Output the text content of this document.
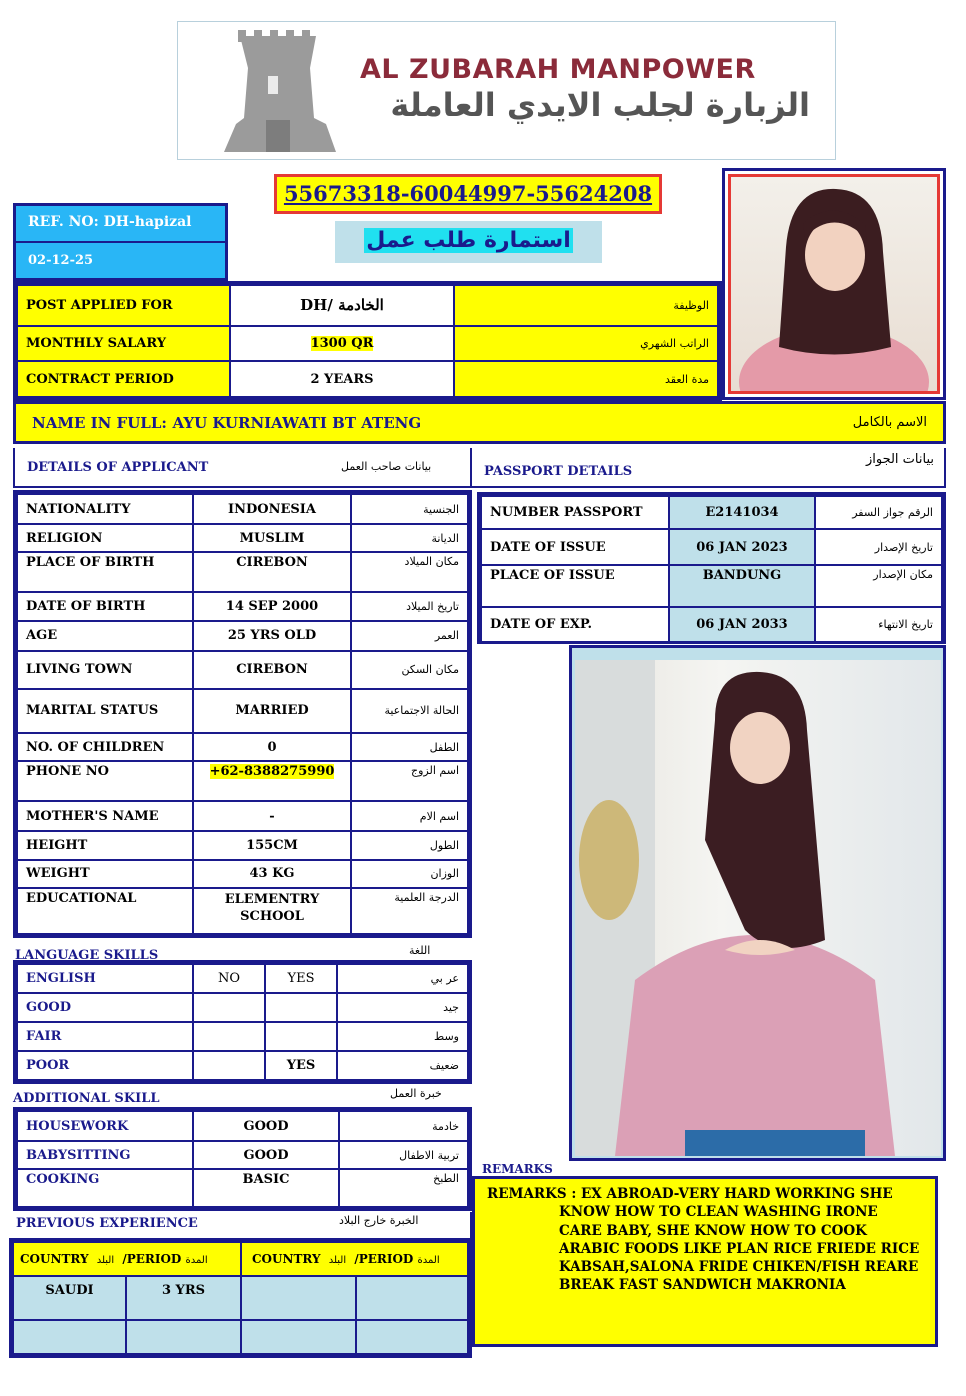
AL ZUBARAH MANPOWER
الزبارة لجلب الايدي العاملة
55673318-60044997-55624208
استمارة طلب عمل
REF. NO: DH-hapizal
02-12-25
POST APPLIED FOR	DH/ الخادمة	الوظيفة
MONTHLY SALARY	1300 QR	الراتب الشهري
CONTRACT PERIOD	2 YEARS	مدة العقد
NAME IN FULL: AYU KURNIAWATI BT ATENG	الاسم بالكامل
DETAILS OF APPLICANT	بيانات صاحب العمل	PASSPORT DETAILS
بيانات الجواز
NATIONALITY	INDONESIA	الجنسية
RELIGION	MUSLIM	الديانة
PLACE OF BIRTH	CIREBON	مكان الميلاد
DATE OF BIRTH	14 SEP 2000	تاريخ الميلاد
AGE	25 YRS OLD	العمر
LIVING TOWN	CIREBON	مكان السكن
MARITAL STATUS	MARRIED	الحالة الاجتماعية
NO. OF CHILDREN	0	الطفل
PHONE NO	+62-8388275990	اسم الزوج
MOTHER'S NAME	-	اسم الام
HEIGHT	155CM	الطول
WEIGHT	43 KG	الوزان
EDUCATIONAL	ELEMENTRY SCHOOL	الدرجة العلمية
NUMBER PASSPORT	E2141034	الرقم جواز السفر
DATE OF ISSUE	06 JAN 2023	تاريخ الإصدار
PLACE OF ISSUE	BANDUNG	مكان الإصدار
DATE OF EXP.	06 JAN 2033	تاريخ الانتهاء
LANGUAGE SKILLS	اللغة
ENGLISH	NO	YES	عر بي
GOOD			جيد
FAIR			وسط
POOR		YES	ضعيف
ADDITIONAL SKILL	خبرة العمل
HOUSEWORK	GOOD	خادمة
BABYSITTING	GOOD	تربية الاطفال
COOKING	BASIC	الطبخ
PREVIOUS EXPERIENCE	الخبرة خارج البلاد
COUNTRY البلد /PERIOD المدة		COUNTRY البلد /PERIOD المدة	
SAUDI	3 YRS		

REMARKS
REMARKS : EX ABROAD-VERY HARD WORKING SHE KNOW HOW TO CLEAN WASHING IRONE CARE BABY, SHE KNOW HOW TO COOK ARABIC FOODS LIKE PLAN RICE FRIEDE RICE KABSAH,SALONA FRIDE CHIKEN/FISH REARE BREAK FAST SANDWICH MAKRONIA
